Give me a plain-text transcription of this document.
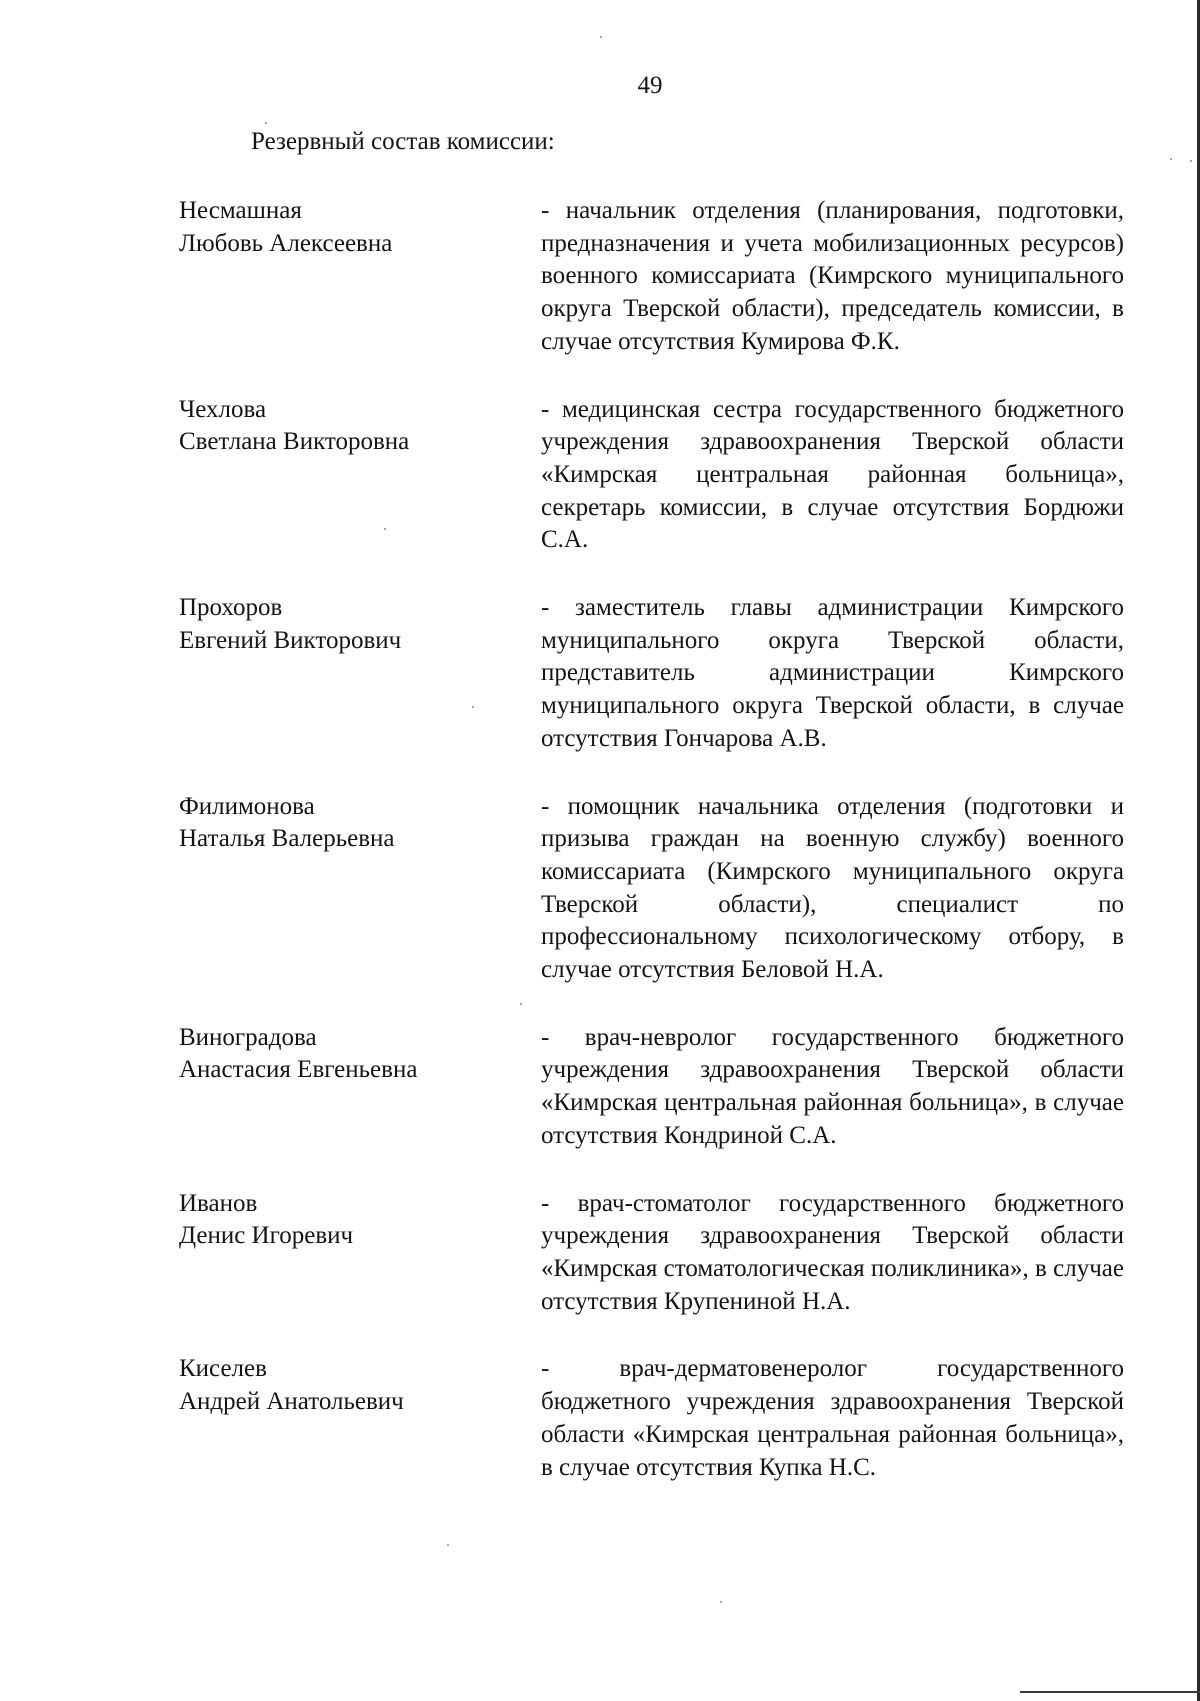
49
Резервный состав комиссии:
Несмашная
Любовь Алексеевна
- начальник отделения (планирования, подготовки, предназначения и учета мобилизационных ресурсов) военного комиссариата (Кимрского муниципального округа Тверской области), председатель комиссии, в случае отсутствия Кумирова Ф.К.
Чехлова
Светлана Викторовна
- медицинская сестра государственного бюджетного учреждения здравоохранения Тверской области «Кимрская центральная районная больница», секретарь комиссии, в случае отсутствия Бордюжи С.А.
Прохоров
Евгений Викторович
- заместитель главы администрации Кимрского муниципального округа Тверской области, представитель администрации Кимрского муниципального округа Тверской области, в случае отсутствия Гончарова А.В.
Филимонова
Наталья Валерьевна
- помощник начальника отделения (подготовки и призыва граждан на военную службу) военного комиссариата (Кимрского муниципального округа Тверской области), специалист по профессиональному психологическому отбору, в случае отсутствия Беловой Н.А.
Виноградова
Анастасия Евгеньевна
- врач-невролог государственного бюджетного учреждения здравоохранения Тверской области «Кимрская центральная районная больница», в случае отсутствия Кондриной С.А.
Иванов
Денис Игоревич
- врач-стоматолог государственного бюджетного учреждения здравоохранения Тверской области «Кимрская стоматологическая поликлиника», в случае отсутствия Крупениной Н.А.
Киселев
Андрей Анатольевич
- врач-дерматовенеролог государственного бюджетного учреждения здравоохранения Тверской области «Кимрская центральная районная больница», в случае отсутствия Купка Н.С.
